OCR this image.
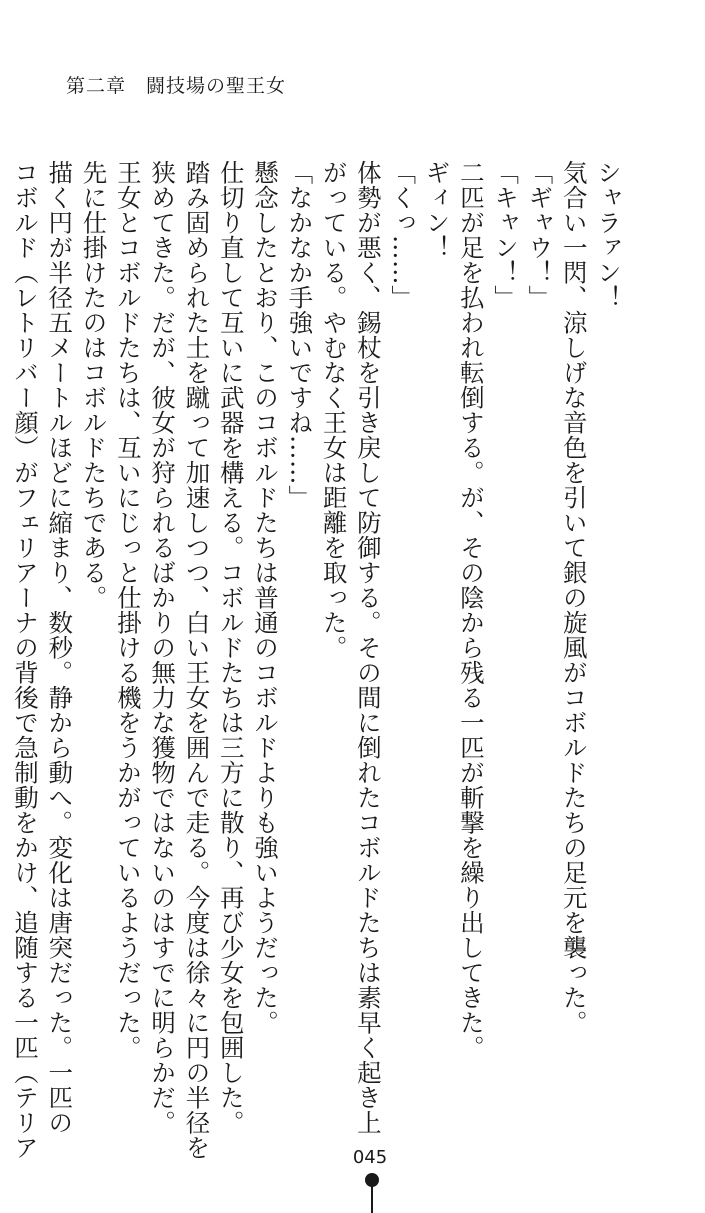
第二章　闘技場の聖王女
シャラァン！
気合い一閃、涼しげな音色を引いて銀の旋風がコボルドたちの足元を襲った。
「ギャウ！」
「キャン！」
二匹が足を払われ転倒する。が、その陰から残る一匹が斬撃を繰り出してきた。
ギィン！
「くっ……」
体勢が悪く、錫杖を引き戻して防御する。その間に倒れたコボルドたちは素早く起き上
がっている。やむなく王女は距離を取った。
「なかなか手強いですね……」
懸念したとおり、このコボルドたちは普通のコボルドよりも強いようだった。
仕切り直して互いに武器を構える。コボルドたちは三方に散り、再び少女を包囲した。
踏み固められた土を蹴って加速しつつ、白い王女を囲んで走る。今度は徐々に円の半径を
狭めてきた。だが、彼女が狩られるばかりの無力な獲物ではないのはすでに明らかだ。
王女とコボルドたちは、互いにじっと仕掛ける機をうかがっているようだった。
先に仕掛けたのはコボルドたちである。
描く円が半径五メートルほどに縮まり、数秒。静から動へ。変化は唐突だった。一匹の
コボルド（レトリバー顔）がフェリアーナの背後で急制動をかけ、追随する一匹（テリア	045
